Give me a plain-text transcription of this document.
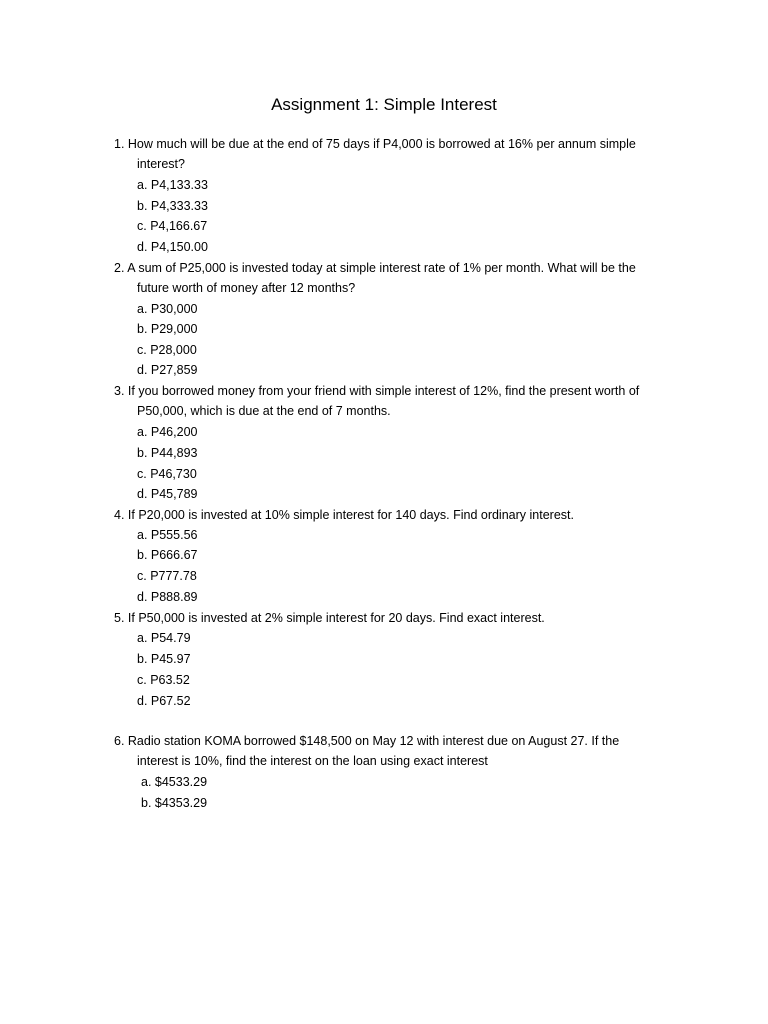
Assignment 1: Simple Interest
1. How much will be due at the end of 75 days if P4,000 is borrowed at 16% per annum simple
interest?
a. P4,133.33
b. P4,333.33
c. P4,166.67
d. P4,150.00
2. A sum of P25,000 is invested today at simple interest rate of 1% per month. What will be the
future worth of money after 12 months?
a. P30,000
b. P29,000
c. P28,000
d. P27,859
3. If you borrowed money from your friend with simple interest of 12%, find the present worth of
P50,000, which is due at the end of 7 months.
a. P46,200
b. P44,893
c. P46,730
d. P45,789
4. If P20,000 is invested at 10% simple interest for 140 days. Find ordinary interest.
a. P555.56
b. P666.67
c. P777.78
d. P888.89
5. If P50,000 is invested at 2% simple interest for 20 days. Find exact interest.
a. P54.79
b. P45.97
c. P63.52
d. P67.52
6. Radio station KOMA borrowed $148,500 on May 12 with interest due on August 27. If the
interest is 10%, find the interest on the loan using exact interest
a. $4533.29
b. $4353.29
